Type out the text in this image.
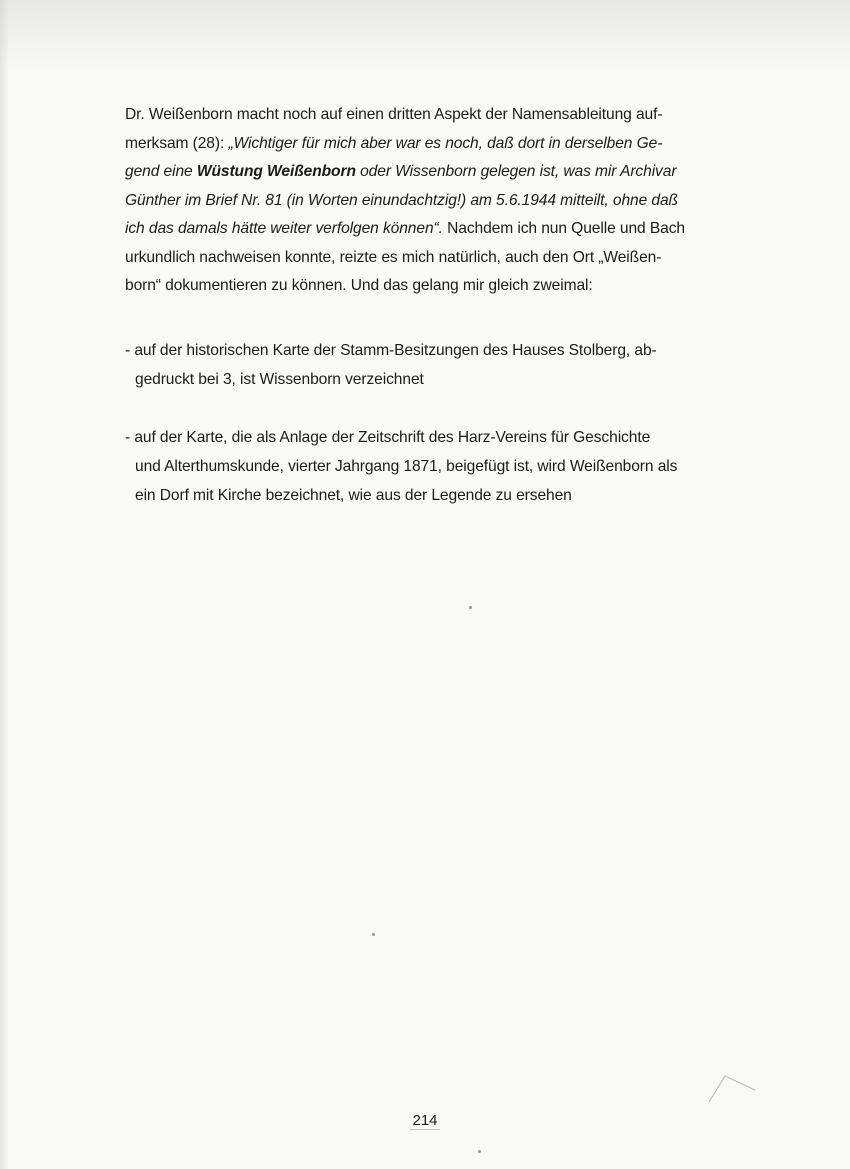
Dr. Weißenborn macht noch auf einen dritten Aspekt der Namensableitung auf-
merksam (28): „Wichtiger für mich aber war es noch, daß dort in derselben Ge-
gend eine Wüstung Weißenborn oder Wissenborn gelegen ist, was mir Archivar
Günther im Brief Nr. 81 (in Worten einundachtzig!) am 5.6.1944 mitteilt, ohne daß
ich das damals hätte weiter verfolgen können“. Nachdem ich nun Quelle und Bach
urkundlich nachweisen konnte, reizte es mich natürlich, auch den Ort „Weißen-
born“ dokumentieren zu können. Und das gelang mir gleich zweimal:
- auf der historischen Karte der Stamm-Besitzungen des Hauses Stolberg, ab-
gedruckt bei 3, ist Wissenborn verzeichnet
- auf der Karte, die als Anlage der Zeitschrift des Harz-Vereins für Geschichte
und Alterthumskunde, vierter Jahrgang 1871, beigefügt ist, wird Weißenborn als
ein Dorf mit Kirche bezeichnet, wie aus der Legende zu ersehen
214
